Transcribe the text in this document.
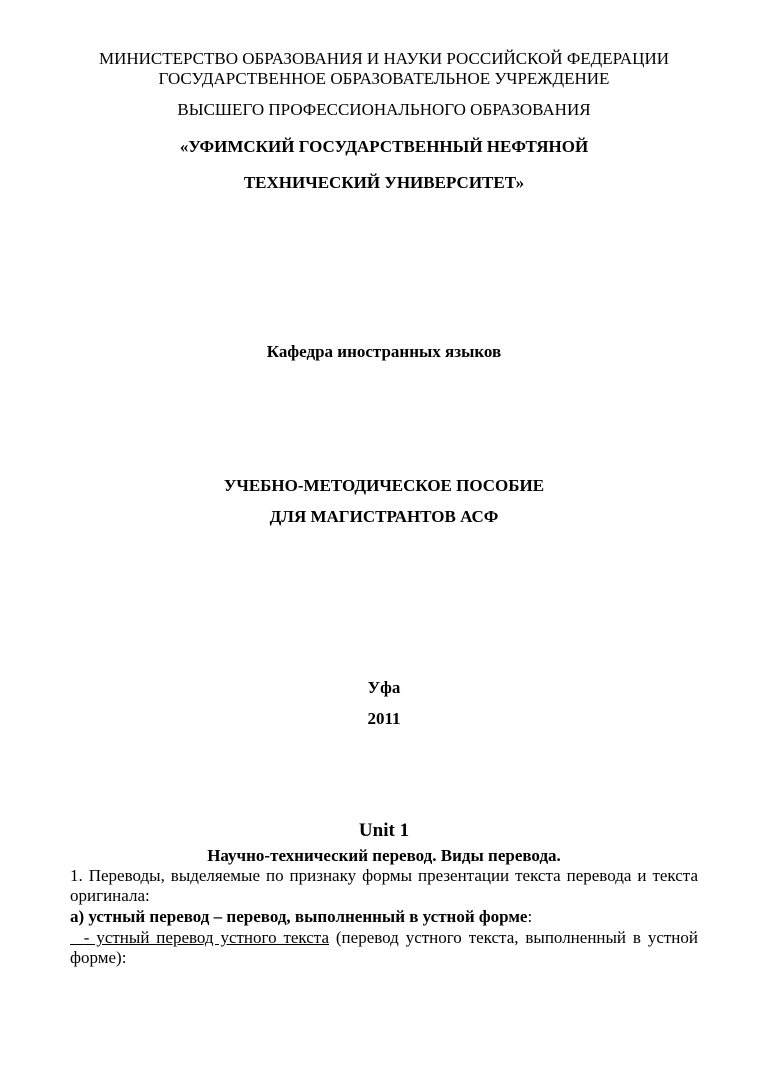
МИНИСТЕРСТВО ОБРАЗОВАНИЯ И НАУКИ РОССИЙСКОЙ ФЕДЕРАЦИИ
ГОСУДАРСТВЕННОЕ ОБРАЗОВАТЕЛЬНОЕ УЧРЕЖДЕНИЕ
ВЫСШЕГО ПРОФЕССИОНАЛЬНОГО ОБРАЗОВАНИЯ
«УФИМСКИЙ ГОСУДАРСТВЕННЫЙ НЕФТЯНОЙ
ТЕХНИЧЕСКИЙ УНИВЕРСИТЕТ»
Кафедра иностранных языков
УЧЕБНО-МЕТОДИЧЕСКОЕ ПОСОБИЕ
ДЛЯ МАГИСТРАНТОВ АСФ
Уфа
2011
Unit 1
Научно-технический перевод. Виды перевода.
1. Переводы, выделяемые по признаку формы презентации текста перевода и текста оригинала:
а) устный перевод – перевод, выполненный в устной форме:
- устный перевод устного текста (перевод устного текста, выполненный в устной форме):
